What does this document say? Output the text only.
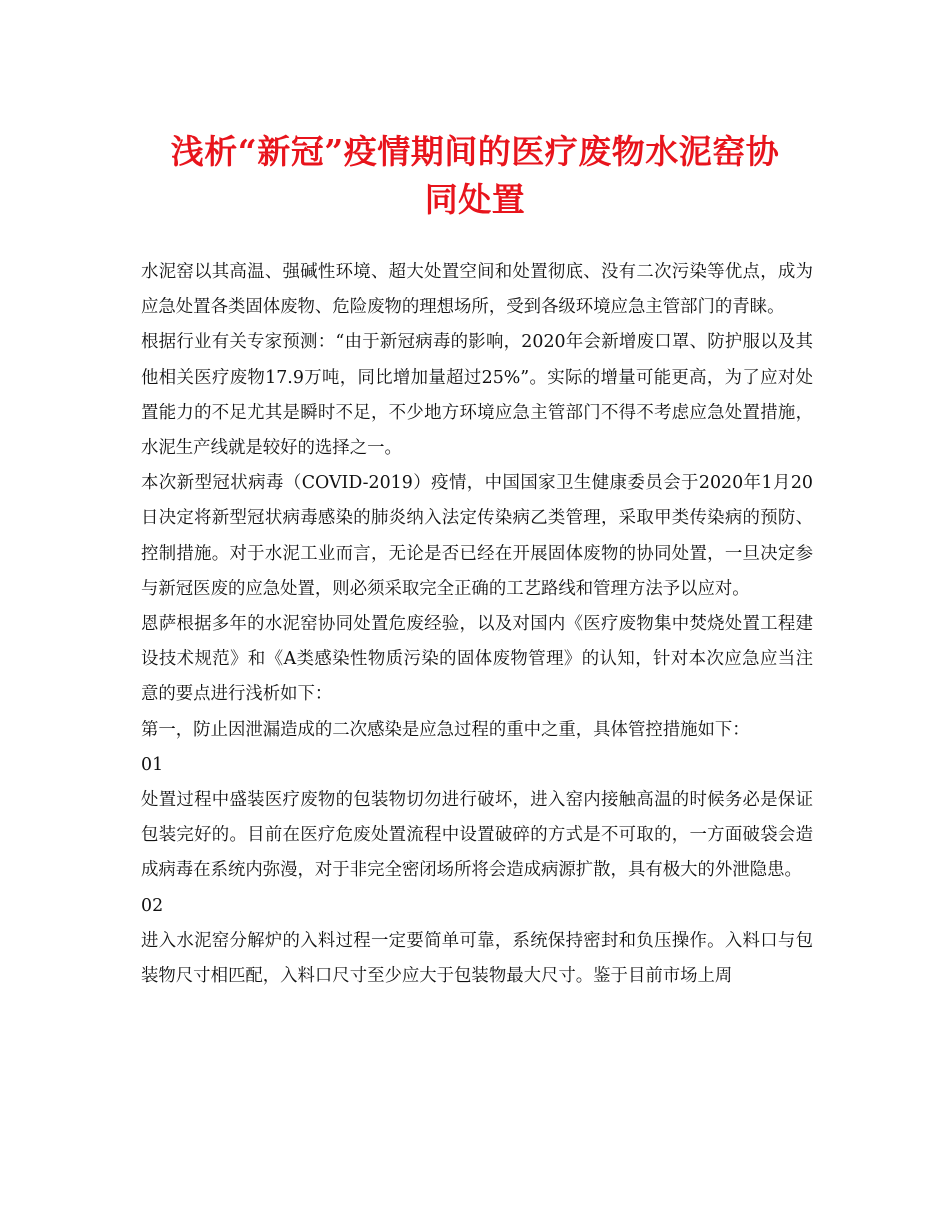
浅析“新冠”疫情期间的医疗废物水泥窑协
同处置

水泥窑以其高温、强碱性环境、超大处置空间和处置彻底、没有二次污染等优点，成为应急处置各类固体废物、危险废物的理想场所，受到各级环境应急主管部门的青睐。

根据行业有关专家预测：“由于新冠病毒的影响，2020年会新增废口罩、防护服以及其他相关医疗废物17.9万吨，同比增加量超过25%”。实际的增量可能更高，为了应对处置能力的不足尤其是瞬时不足，不少地方环境应急主管部门不得不考虑应急处置措施，水泥生产线就是较好的选择之一。

本次新型冠状病毒（COVID-2019）疫情，中国国家卫生健康委员会于2020年1月20日决定将新型冠状病毒感染的肺炎纳入法定传染病乙类管理，采取甲类传染病的预防、控制措施。对于水泥工业而言，无论是否已经在开展固体废物的协同处置，一旦决定参与新冠医废的应急处置，则必须采取完全正确的工艺路线和管理方法予以应对。

恩萨根据多年的水泥窑协同处置危废经验，以及对国内《医疗废物集中焚烧处置工程建设技术规范》和《A类感染性物质污染的固体废物管理》的认知，针对本次应急应当注意的要点进行浅析如下：

第一，防止因泄漏造成的二次感染是应急过程的重中之重，具体管控措施如下：

01

处置过程中盛装医疗废物的包装物切勿进行破坏，进入窑内接触高温的时候务必是保证包装完好的。目前在医疗危废处置流程中设置破碎的方式是不可取的，一方面破袋会造成病毒在系统内弥漫，对于非完全密闭场所将会造成病源扩散，具有极大的外泄隐患。

02

进入水泥窑分解炉的入料过程一定要简单可靠，系统保持密封和负压操作。入料口与包装物尺寸相匹配，入料口尺寸至少应大于包装物最大尺寸。鉴于目前市场上周
